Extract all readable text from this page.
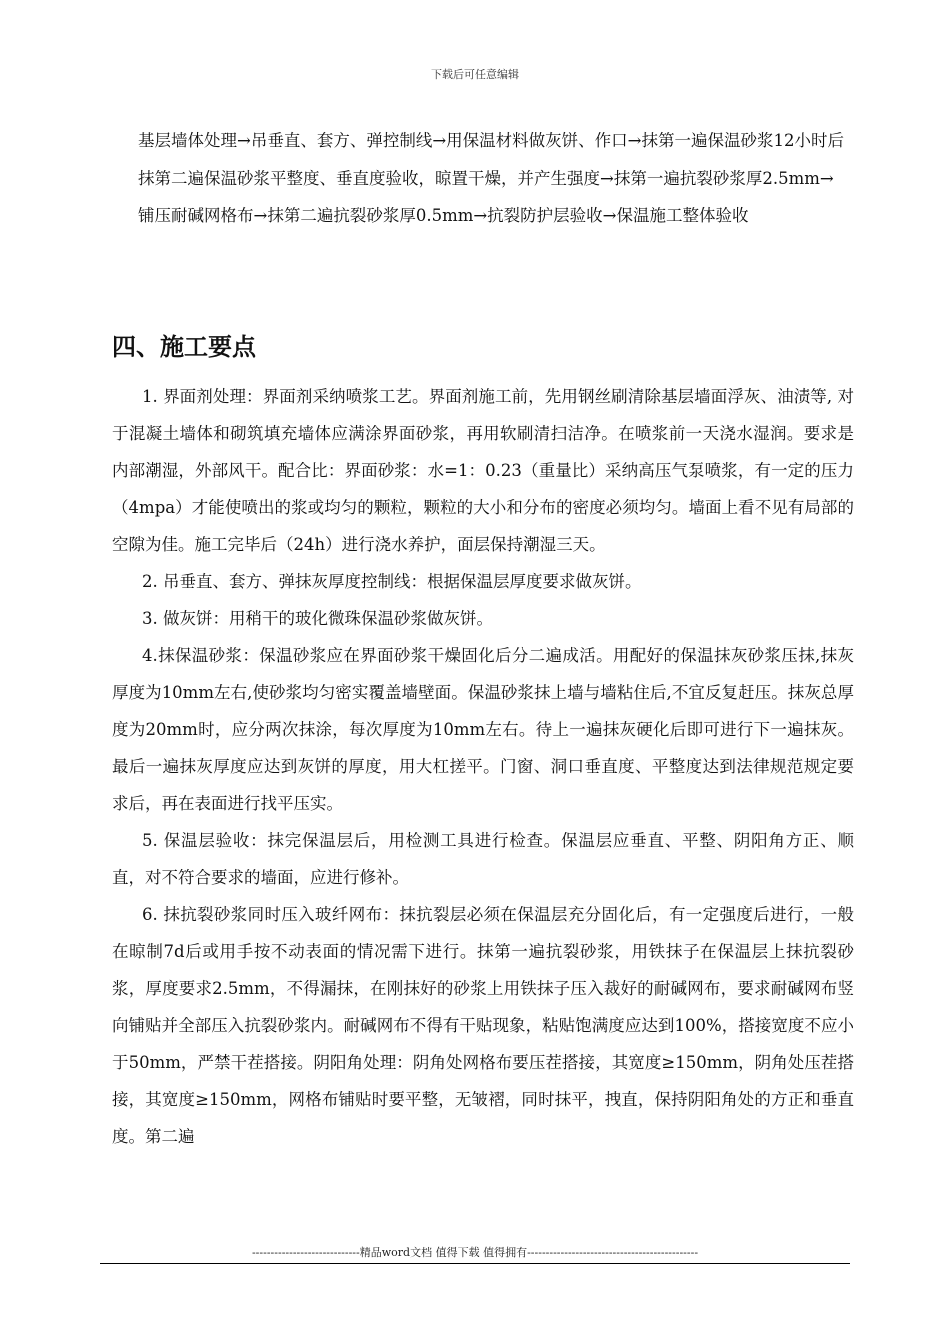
下载后可任意编辑
基层墙体处理→吊垂直、套方、弹控制线→用保温材料做灰饼、作口→抹第一遍保温砂浆12小时后抹第二遍保温砂浆平整度、垂直度验收，晾置干燥，并产生强度→抹第一遍抗裂砂浆厚2.5mm→铺压耐碱网格布→抹第二遍抗裂砂浆厚0.5mm→抗裂防护层验收→保温施工整体验收
四、施工要点

1. 界面剂处理：界面剂采纳喷浆工艺。界面剂施工前，先用钢丝刷清除基层墙面浮灰、油渍等, 对于混凝土墙体和砌筑填充墙体应满涂界面砂浆，再用软刷清扫洁净。在喷浆前一天浇水湿润。要求是内部潮湿，外部风干。配合比：界面砂浆：水=1：0.23（重量比）采纳高压气泵喷浆，有一定的压力（4mpa）才能使喷出的浆或均匀的颗粒，颗粒的大小和分布的密度必须均匀。墙面上看不见有局部的空隙为佳。施工完毕后（24h）进行浇水养护，面层保持潮湿三天。

2. 吊垂直、套方、弹抹灰厚度控制线：根据保温层厚度要求做灰饼。

3. 做灰饼：用稍干的玻化微珠保温砂浆做灰饼。

4.抹保温砂浆：保温砂浆应在界面砂浆干燥固化后分二遍成活。用配好的保温抹灰砂浆压抹,抹灰厚度为10mm左右,使砂浆均匀密实覆盖墙壁面。保温砂浆抹上墙与墙粘住后,不宜反复赶压。抹灰总厚度为20mm时，应分两次抹涂，每次厚度为10mm左右。待上一遍抹灰硬化后即可进行下一遍抹灰。最后一遍抹灰厚度应达到灰饼的厚度，用大杠搓平。门窗、洞口垂直度、平整度达到法律规范规定要求后，再在表面进行找平压实。

5. 保温层验收：抹完保温层后，用检测工具进行检查。保温层应垂直、平整、阴阳角方正、顺直，对不符合要求的墙面，应进行修补。

6. 抹抗裂砂浆同时压入玻纤网布：抹抗裂层必须在保温层充分固化后，有一定强度后进行，一般在晾制7d后或用手按不动表面的情况需下进行。抹第一遍抗裂砂浆，用铁抹子在保温层上抹抗裂砂浆，厚度要求2.5mm，不得漏抹，在刚抹好的砂浆上用铁抹子压入裁好的耐碱网布，要求耐碱网布竖向铺贴并全部压入抗裂砂浆内。耐碱网布不得有干贴现象，粘贴饱满度应达到100%，搭接宽度不应小于50mm，严禁干茬搭接。阴阳角处理：阴角处网格布要压茬搭接，其宽度≥150mm，阴角处压茬搭接，其宽度≥150mm，网格布铺贴时要平整，无皱褶，同时抹平，拽直，保持阴阳角处的方正和垂直度。第二遍

-----------------------------精品word文档 值得下载 值得拥有----------------------------------------------
